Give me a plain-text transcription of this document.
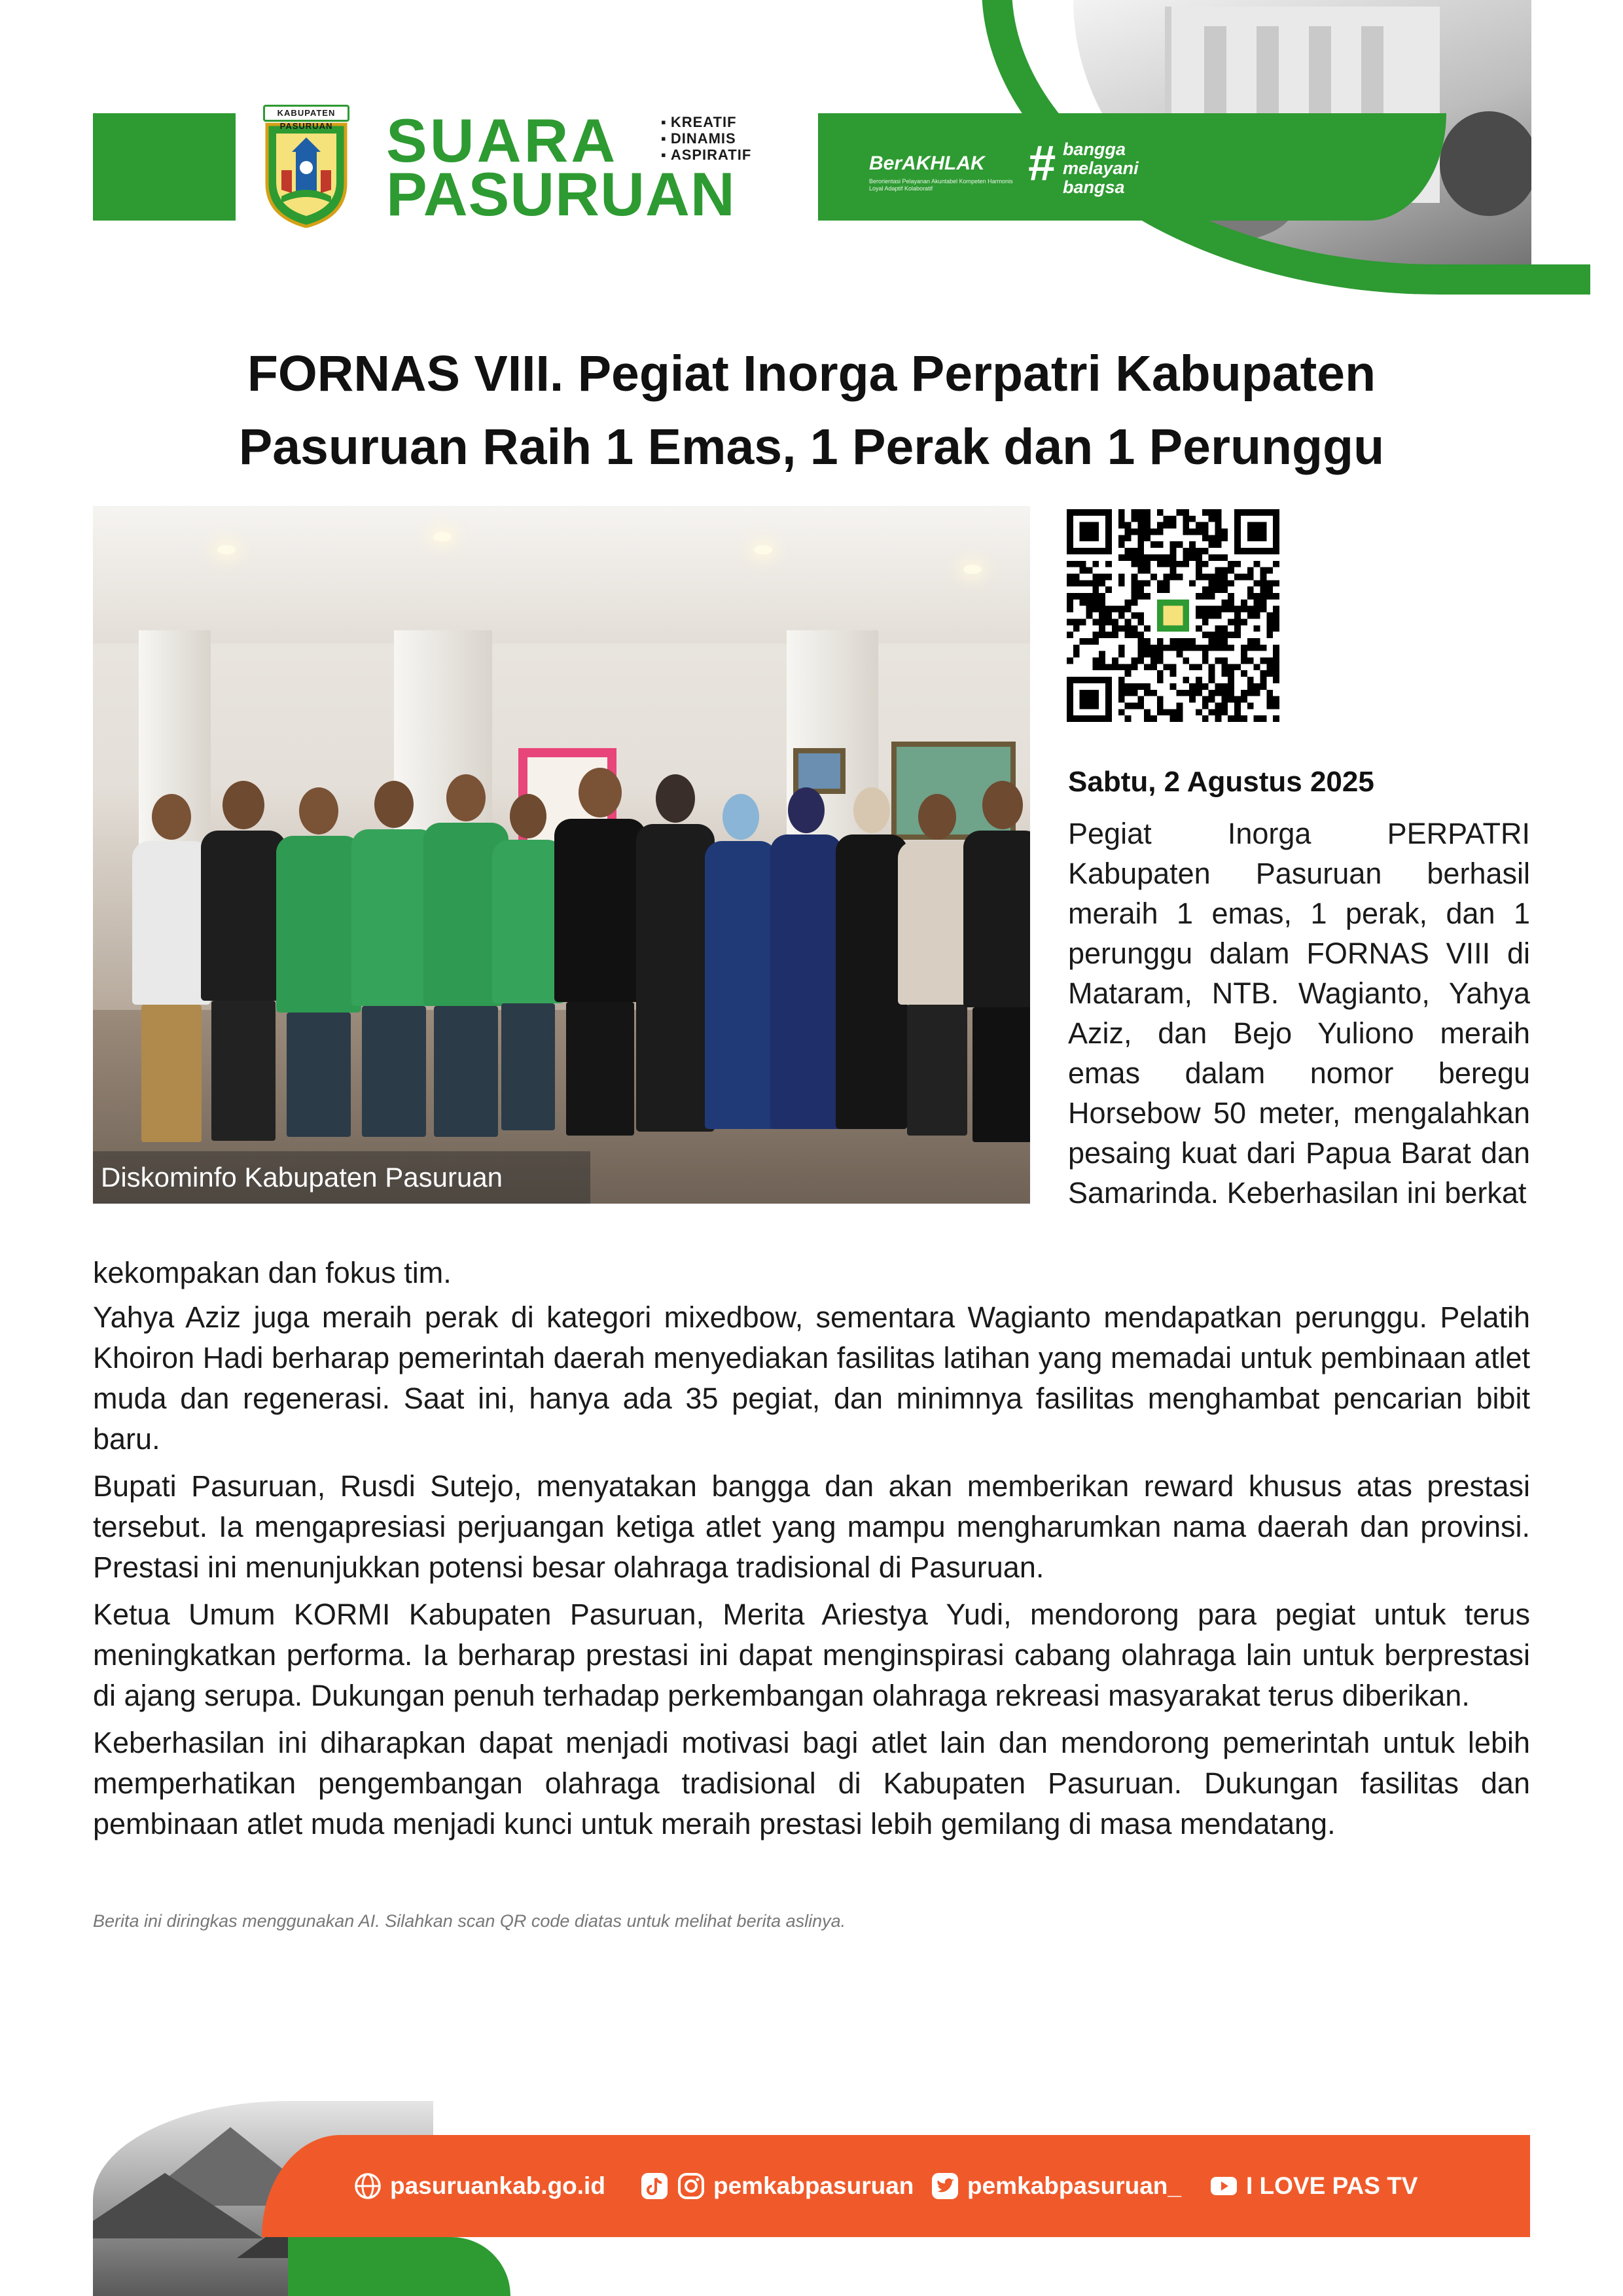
KABUPATEN PASURUAN SUARA
PASURUAN
▪ KREATIF
▪ DINAMIS
▪ ASPIRATIF	BerAKHLAK
Berorientasi Pelayanan Akuntabel Kompeten Harmonis Loyal Adaptif Kolaboratif	# bangga
melayani
bangsa
FORNAS VIII. Pegiat Inorga Perpatri Kabupaten
Pasuruan Raih 1 Emas, 1 Perak dan 1 Perunggu
Diskominfo Kabupaten Pasuruan
Sabtu, 2 Agustus 2025
Pegiat Inorga PERPATRI Kabupaten Pasuruan berhasil meraih 1 emas, 1 perak, dan 1 perunggu dalam FORNAS VIII di Mataram, NTB. Wagianto, Yahya Aziz, dan Bejo Yuliono meraih emas dalam nomor beregu Horsebow 50 meter, mengalahkan pesaing kuat dari Papua Barat dan Samarinda. Keberhasilan ini berkat

kekompakan dan fokus tim.

Yahya Aziz juga meraih perak di kategori mixedbow, sementara Wagianto mendapatkan perunggu. Pelatih Khoiron Hadi berharap pemerintah daerah menyediakan fasilitas latihan yang memadai untuk pembinaan atlet muda dan regenerasi. Saat ini, hanya ada 35 pegiat, dan minimnya fasilitas menghambat pencarian bibit baru.

Bupati Pasuruan, Rusdi Sutejo, menyatakan bangga dan akan memberikan reward khusus atas prestasi tersebut. Ia mengapresiasi perjuangan ketiga atlet yang mampu mengharumkan nama daerah dan provinsi. Prestasi ini menunjukkan potensi besar olahraga tradisional di Pasuruan.

Ketua Umum KORMI Kabupaten Pasuruan, Merita Ariestya Yudi, mendorong para pegiat untuk terus meningkatkan performa. Ia berharap prestasi ini dapat menginspirasi cabang olahraga lain untuk berprestasi di ajang serupa. Dukungan penuh terhadap perkembangan olahraga rekreasi masyarakat terus diberikan.

Keberhasilan ini diharapkan dapat menjadi motivasi bagi atlet lain dan mendorong pemerintah untuk lebih memperhatikan pengembangan olahraga tradisional di Kabupaten Pasuruan. Dukungan fasilitas dan pembinaan atlet muda menjadi kunci untuk meraih prestasi lebih gemilang di masa mendatang.

Berita ini diringkas menggunakan AI. Silahkan scan QR code diatas untuk melihat berita aslinya.
pasuruankab.go.id	pemkabpasuruan pemkabpasuruan_	I LOVE PAS TV
